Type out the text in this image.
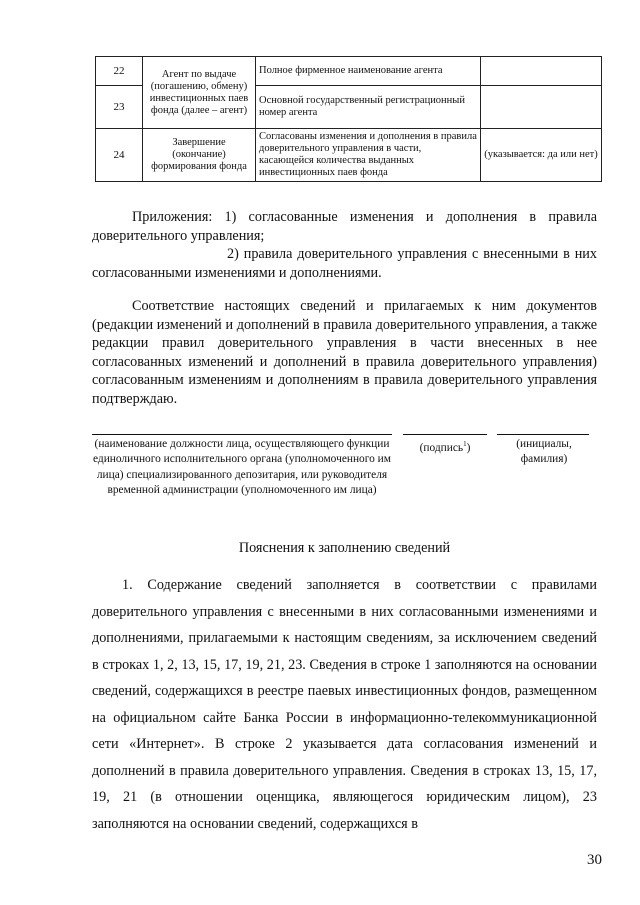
22	Агент по выдаче (погашению, обмену) инвестиционных паев фонда (далее – агент)	Полное фирменное наименование агента	
23		Основной государственный регистрационный номер агента	
24	Завершение (окончание) формирования фонда	Согласованы изменения и дополнения в правила доверительного управления в части, касающейся количества выданных инвестиционных паев фонда	(указывается: да или нет)

Приложения: 1) согласованные изменения и дополнения в правила доверительного управления;

2) правила доверительного управления с внесенными в них согласованными изменениями и дополнениями.

Соответствие настоящих сведений и прилагаемых к ним документов (редакции изменений и дополнений в правила доверительного управления, а также редакции правил доверительного управления в части внесенных в нее согласованных изменений и дополнений в правила доверительного управления) согласованным изменениям и дополнениям в правила доверительного управления подтверждаю.

(наименование должности лица, осуществляющего функции единоличного исполнительного органа (уполномоченного им лица) специализированного депозитария, или руководителя временной администрации (уполномоченного им лица)
(подпись$^1$)	(инициалы, фамилия)
Пояснения к заполнению сведений

1. Содержание сведений заполняется в соответствии с правилами доверительного управления с внесенными в них согласованными изменениями и дополнениями, прилагаемыми к настоящим сведениям, за исключением сведений в строках 1, 2, 13, 15, 17, 19, 21, 23. Сведения в строке 1 заполняются на основании сведений, содержащихся в реестре паевых инвестиционных фондов, размещенном на официальном сайте Банка России в информационно-телекоммуникационной сети «Интернет». В строке 2 указывается дата согласования изменений и дополнений в правила доверительного управления. Сведения в строках 13, 15, 17, 19, 21 (в отношении оценщика, являющегося юридическим лицом), 23 заполняются на основании сведений, содержащихся в

30
